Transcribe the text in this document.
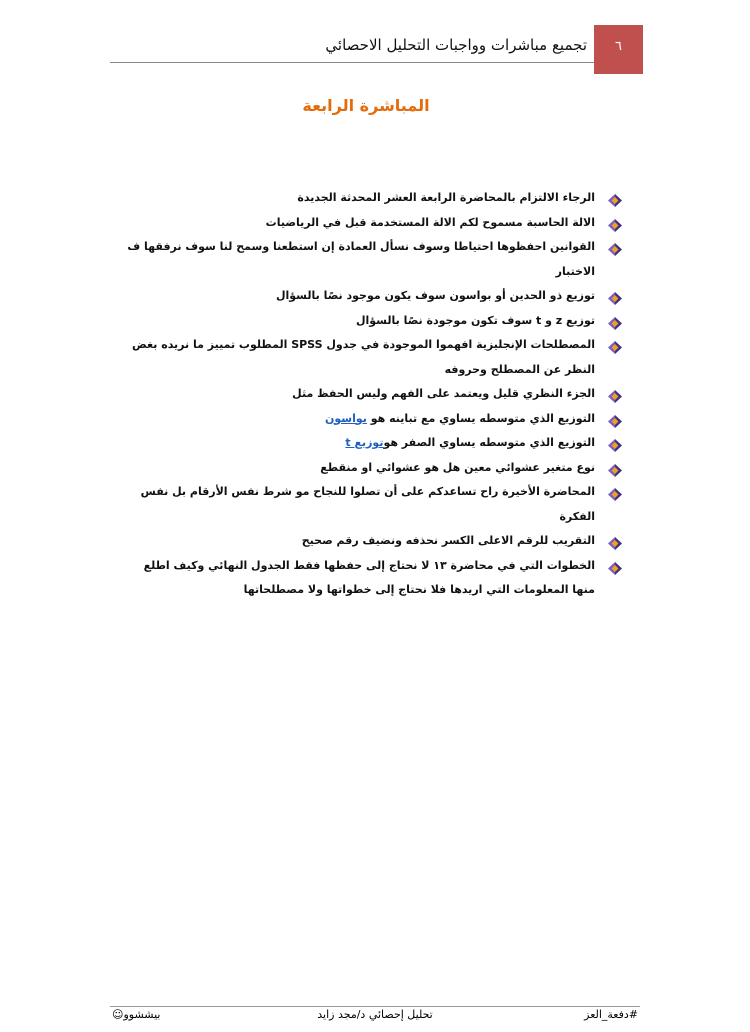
٦
تجميع مباشرات وواجبات التحليل الاحصائي
المباشرة الرابعة
الرجاء الالتزام بالمحاضرة الرابعة العشر المحدثة الجديدة
الالة الحاسبة مسموح لكم الالة المستخدمة قبل في الرياضيات
القوانين احفظوها احتياطا وسوف نسأل العمادة إن استطعنا وسمح لنا سوف نرفقها ف الاختبار
توزيع ذو الحدين أو بواسون سوف يكون موجود نصًا بالسؤال
توزيع z و t سوف تكون موجودة نصًا بالسؤال
المصطلحات الإنجليزية افهموا الموجودة في جدول SPSS المطلوب تمييز ما نريده بغض النظر عن المصطلح وحروفه
الجزء النظري قليل ويعتمد على الفهم وليس الحفظ مثل
التوزيع الذي متوسطه يساوي مع تباينه هو بواسون
التوزيع الذي متوسطه يساوي الصفر هوتوزيع t
نوع متغير عشوائي معين هل هو عشوائي او منقطع
المحاضرة الأخيرة راح تساعدكم على أن تصلوا للنجاح مو شرط نفس الأرقام بل نفس الفكرة
التقريب للرقم الاعلى الكسر نحذفه ونضيف رقم صحيح
الخطوات التي في محاضرة ١٣ لا نحتاج إلى حفظها فقط الجدول النهائي وكيف اطلع منها المعلومات التي اريدها فلا نحتاج إلى خطواتها ولا مصطلحاتها
#دفعة_العز
تحليل إحصائي د/مجد زايد
بيششوو☺
